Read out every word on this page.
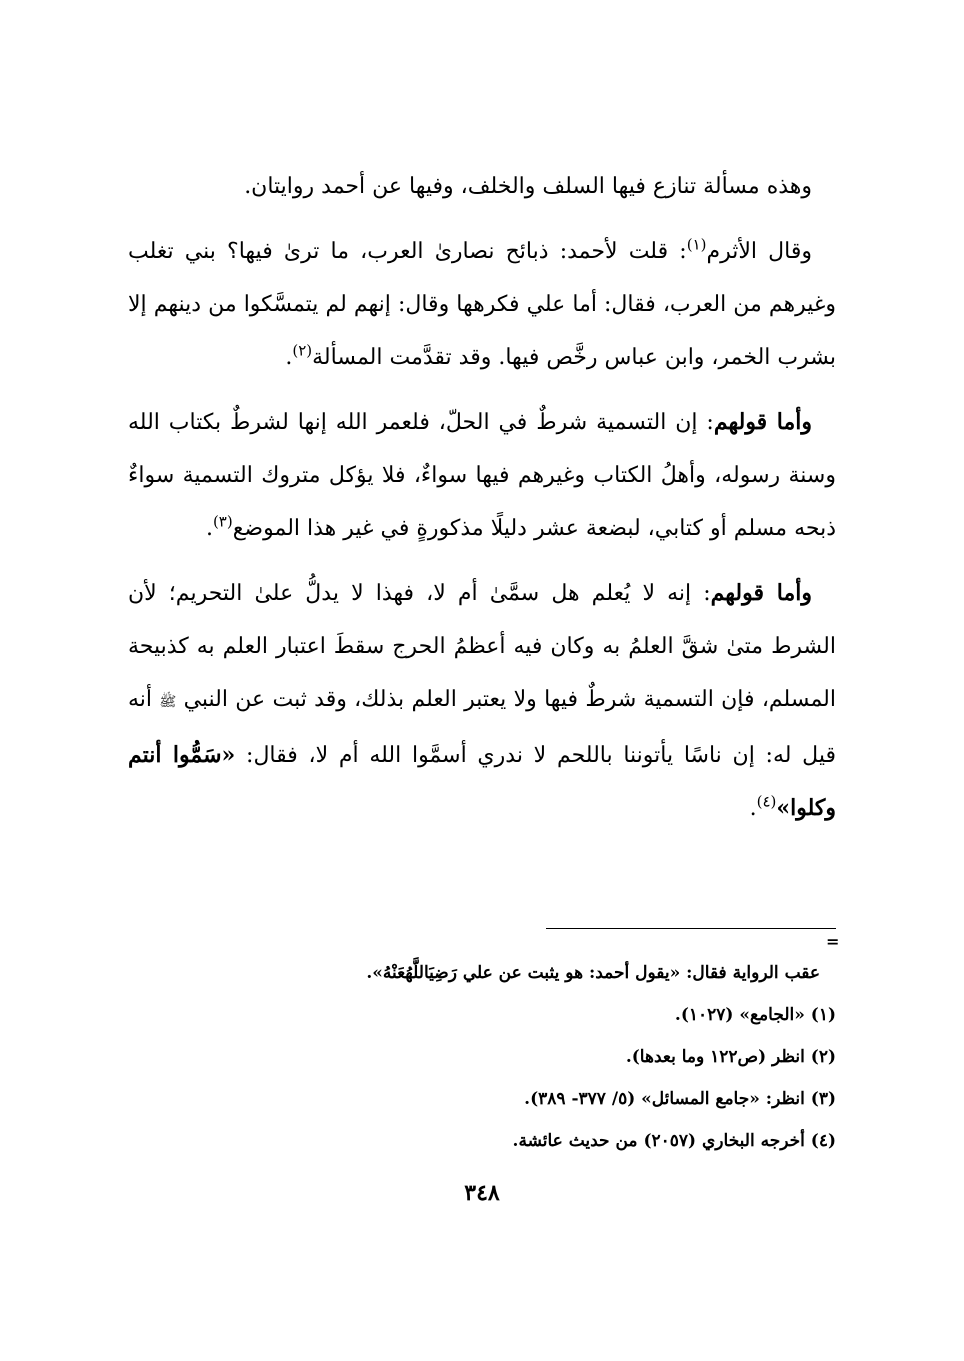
وهذه مسألة تنازع فيها السلف والخلف، وفيها عن أحمد روايتان.

وقال الأثرم$^{(١)}$: قلت لأحمد: ذبائح نصارىٰ العرب، ما ترىٰ فيها؟ بني تغلب وغيرهم من العرب، فقال: أما علي فكرهها وقال: إنهم لم يتمسَّكوا من دينهم إلا بشرب الخمر، وابن عباس رخَّص فيها. وقد تقدَّمت المسألة$^{(٢)}$.

وأما قولهم: إن التسمية شرطٌ في الحلّ، فلعمر الله إنها لشرطٌ بكتاب الله وسنة رسوله، وأهلُ الكتاب وغيرهم فيها سواءٌ، فلا يؤكل متروك التسمية سواءٌ ذبحه مسلم أو كتابي، لبضعة عشر دليلًا مذكورةٍ في غير هذا الموضع$^{(٣)}$.

وأما قولهم: إنه لا يُعلم هل سمَّىٰ أم لا، فهذا لا يدلُّ علىٰ التحريم؛ لأن الشرط متىٰ شقَّ العلمُ به وكان فيه أعظمُ الحرج سقطَ اعتبار العلم به كذبيحة المسلم، فإن التسمية شرطٌ فيها ولا يعتبر العلم بذلك، وقد ثبت عن النبي ﷺ أنه قيل له: إن ناسًا يأتوننا باللحم لا ندري أسمَّوا الله أم لا، فقال: «سَمُّوا أنتم وكلوا»$^{(٤)}$.

=
عقب الرواية فقال: «يقول أحمد: هو يثبت عن علي رَضِيَاللَّهُعَنْهُ».
(١) «الجامع» (١٠٢٧).
(٢) انظر (ص١٢٢ وما بعدها).
(٣) انظر: «جامع المسائل» (٥/ ٣٧٧- ٣٨٩).
(٤) أخرجه البخاري (٢٠٥٧) من حديث عائشة.
٣٤٨
